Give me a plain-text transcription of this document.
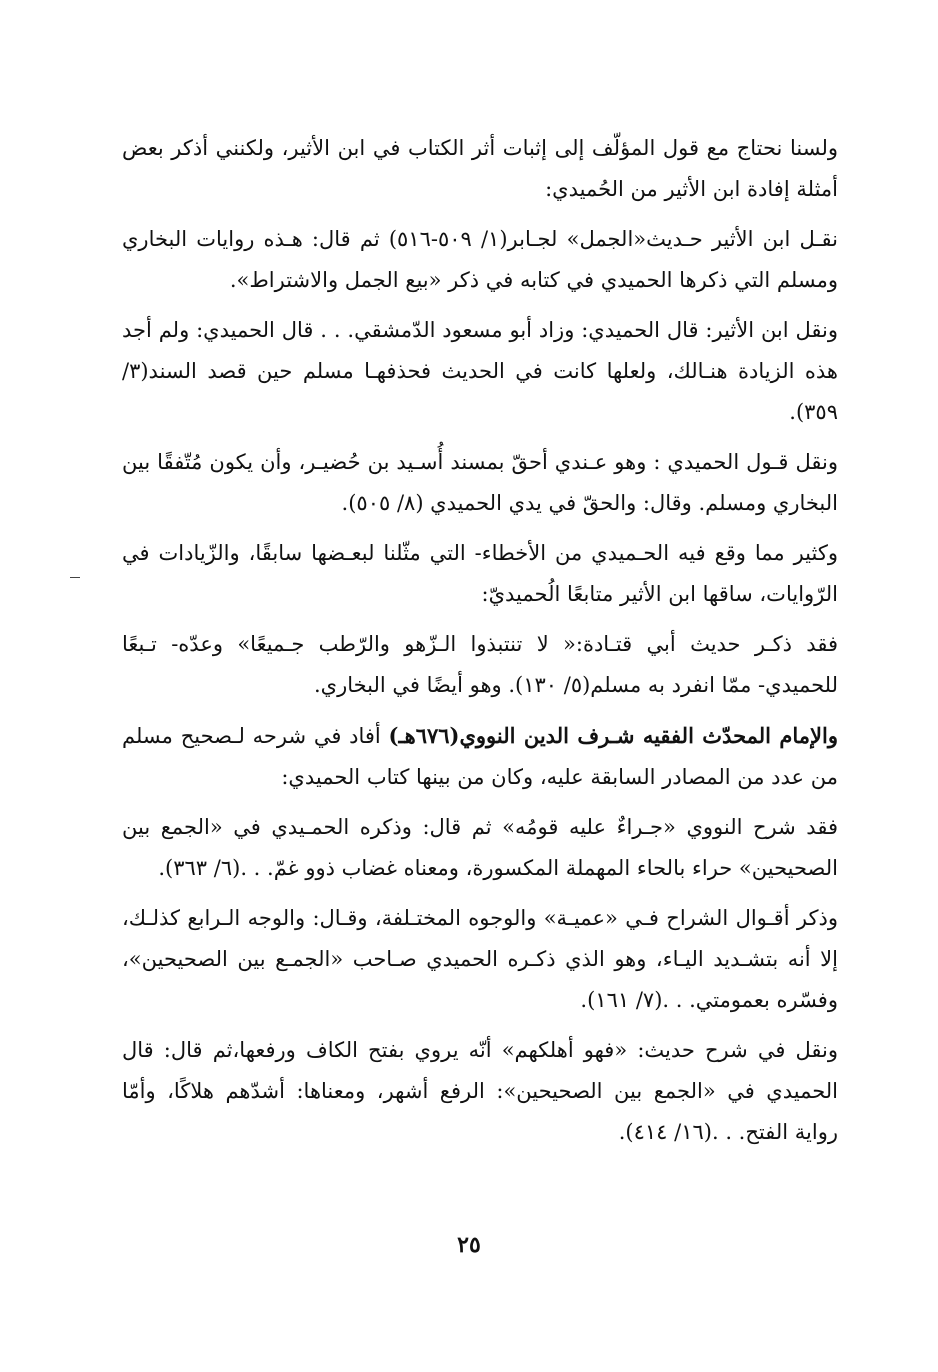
ولسنا نحتاج مع قول المؤلّف إلى إثبات أثر الكتاب في ابن الأثير، ولكنني أذكر بعض أمثلة إفادة ابن الأثير من الحُميدي:

نقـل ابن الأثير حـديث«الجمل» لجـابر(١/ ٥٠٩-٥١٦) ثم قال: هـذه روايات البخاري ومسلم التي ذكرها الحميدي في كتابه في ذكر «بيع الجمل والاشتراط».

ونقل ابن الأثير: قال الحميدي: وزاد أبو مسعود الدّمشقي. . . قال الحميدي: ولم أجد هذه الزيادة هنـالك، ولعلها كانت في الحديث فحذفهـا مسلم حين قصد السند(٣/ ٣٥٩).

ونقل قـول الحميدي : وهو عـندي أحقّ بمسند أُسـيد بن حُضيـر، وأن يكون مُتّفقًا بين البخاري ومسلم. وقال: والحقّ في يدي الحميدي (٨/ ٥٠٥).

وكثير مما وقع فيه الحـميدي من الأخطاء- التي مثّلنا لبعـضها سابقًا، والزّيادات في الرّوايات، ساقها ابن الأثير متابعًا الُحميديّ:

فقد ذكـر حديث أبي قتـادة:« لا تنتبذوا الـزّهو والرّطب جـميعًا» وعدّه- تـبعًا للحميدي- ممّا انفرد به مسلم(٥/ ١٣٠). وهو أيضًا في البخاري.

والإمام المحدّث الفقيه شـرف الدين النووي(٦٧٦هـ) أفاد في شرحه لـصحيح مسلم من عدد من المصادر السابقة عليه، وكان من بينها كتاب الحميدي:

فقد شرح النووي «جـراءٌ عليه قومُه» ثم قال: وذكره الحمـيدي في «الجمع بين الصحيحين» حراء بالحاء المهملة المكسورة، ومعناه غضاب ذوو غمّ. . .(٦/ ٣٦٣).

وذكر أقـوال الشراح فـي «عميـة» والوجوه المختـلفة، وقـال: والوجه الـرابع كذلـك، إلا أنه بتشـديد اليـاء، وهو الذي ذكـره الحميدي صـاحب «الجمـع بين الصحيحين»، وفسّره بعمومتي. . .(٧/ ١٦١).

ونقل في شرح حديث: «فهو أهلكهم» أنّه يروي بفتح الكاف ورفعها،ثم قال: قال الحميدي في «الجمع بين الصحيحين»: الرفع أشهر، ومعناها: أشدّهم هلاكًا، وأمّا رواية الفتح. . .(١٦/ ٤١٤).

٢٥
